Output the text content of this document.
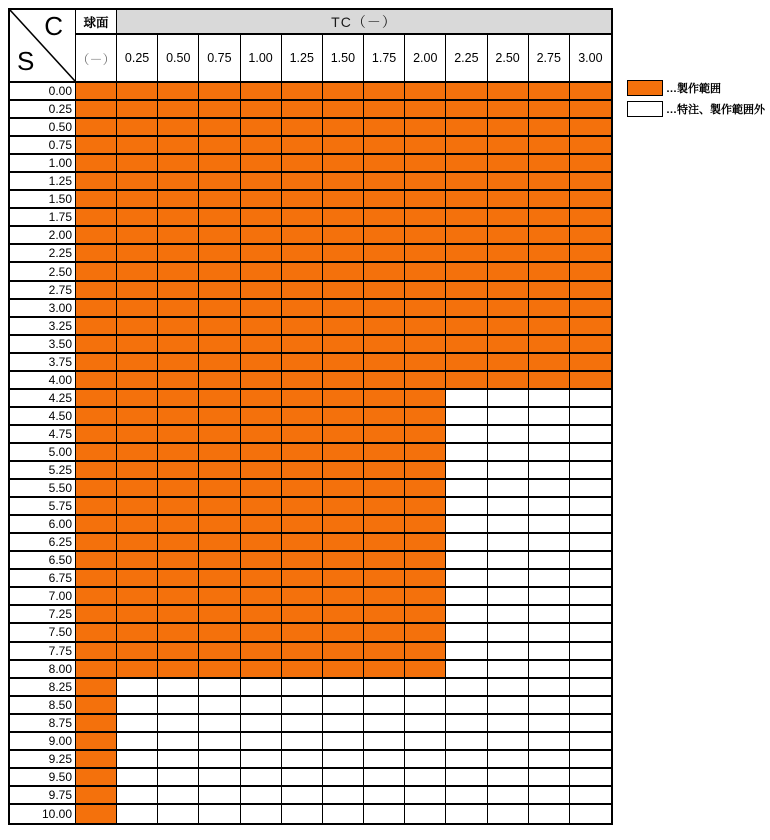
C
S
球面	TC（－）
（－） 0.25	0.50	0.75	1.00	1.25	1.50	1.75	2.00	2.25	2.50	2.75	3.00
0.00
0.25
0.50
0.75
1.00
1.25
1.50
1.75
2.00
2.25
2.50
2.75
3.00
3.25
3.50
3.75
4.00
4.25
4.50
4.75
5.00
5.25
5.50
5.75
6.00
6.25
6.50
6.75
7.00
7.25
7.50
7.75
8.00
8.25
8.50
8.75
9.00
9.25
9.50
9.75
10.00
…製作範囲
…特注、製作範囲外
